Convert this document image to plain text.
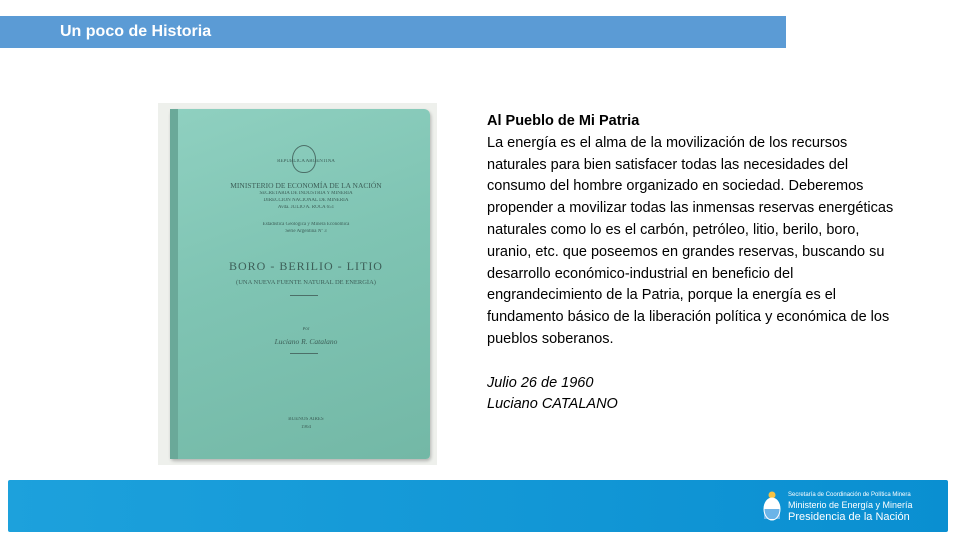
Un poco de Historia
REPÚBLICA ARGENTINA
MINISTERIO DE ECONOMÍA DE LA NACIÓN
SECRETARÍA DE INDUSTRIA Y MINERÍA
DIRECCIÓN NACIONAL DE MINERÍA
Avda. JULIO A. ROCA 651
Estadística Geológica y Minera Económica
Serie Argentina Nº 3
BORO - BERILIO - LITIO
(UNA NUEVA FUENTE NATURAL DE ENERGÍA)
Por
Luciano R. Catalano
BUENOS AIRES
1964

Al Pueblo de Mi Patria

La energía es el alma de la movilización de los recursos naturales para bien satisfacer todas las necesidades del consumo del hombre organizado en sociedad. Deberemos propender a movilizar todas las inmensas reservas energéticas naturales como lo es el carbón, petróleo, litio, berilo, boro, uranio, etc. que poseemos en grandes reservas, buscando su desarrollo económico-industrial en beneficio del engrandecimiento de la Patria, porque la energía es el fundamento básico de la liberación política y económica de los pueblos soberanos.

Julio 26 de 1960

Luciano CATALANO

Secretaría de Coordinación de Política Minera
Ministerio de Energía y Minería
Presidencia de la Nación
